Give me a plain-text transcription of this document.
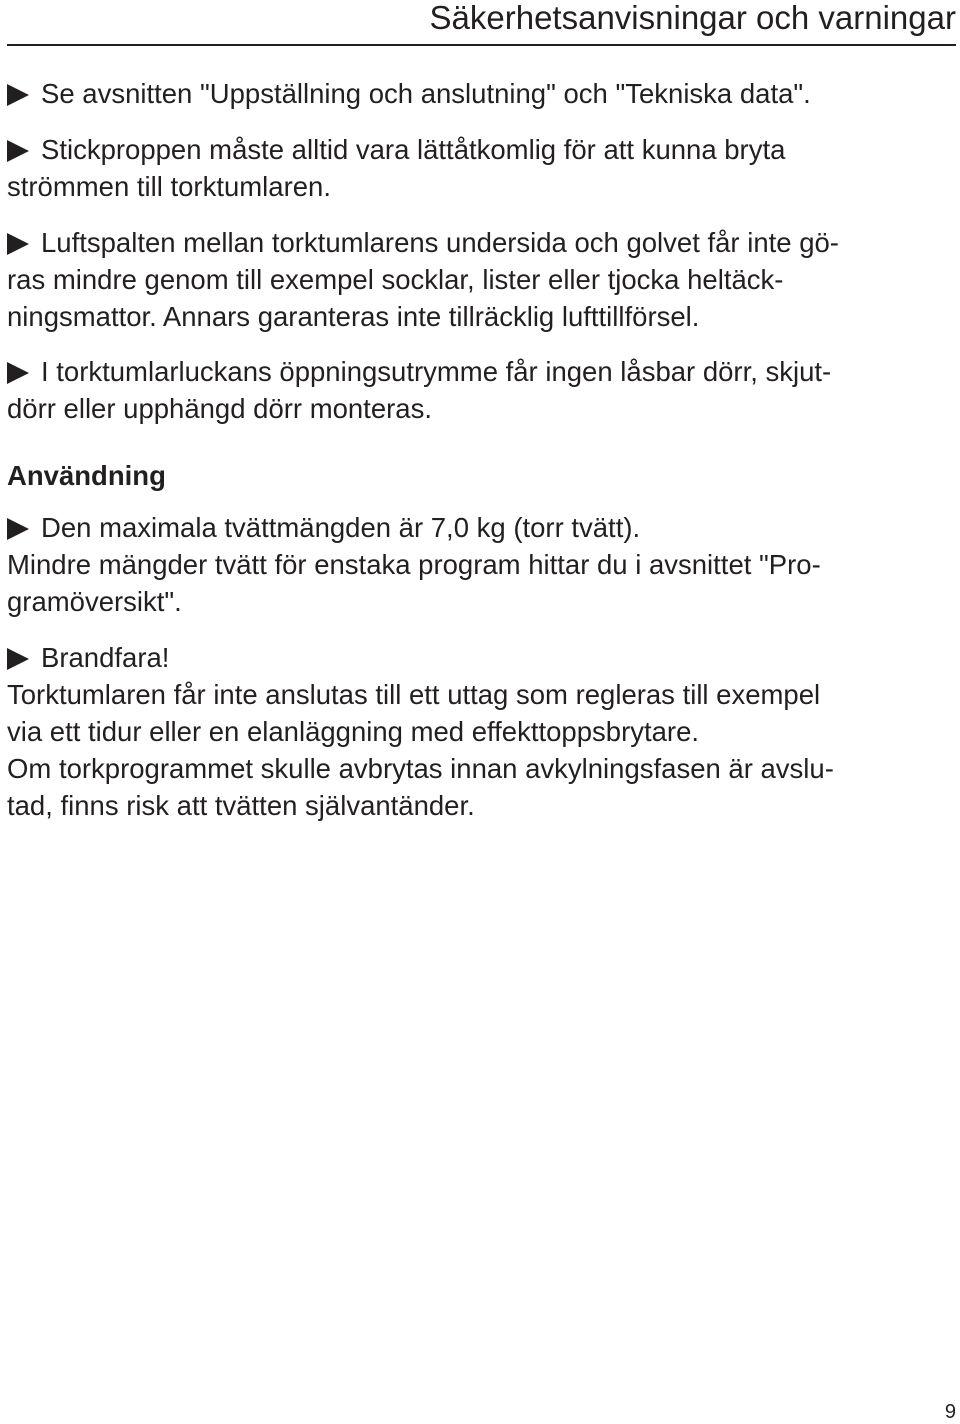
Säkerhetsanvisningar och varningar
Se avsnitten "Uppställning och anslutning" och "Tekniska data".
Stickproppen måste alltid vara lättåtkomlig för att kunna bryta
strömmen till torktumlaren.
Luftspalten mellan torktumlarens undersida och golvet får inte gö-
ras mindre genom till exempel socklar, lister eller tjocka heltäck-
ningsmattor. Annars garanteras inte tillräcklig lufttillförsel.
I torktumlarluckans öppningsutrymme får ingen låsbar dörr, skjut-
dörr eller upphängd dörr monteras.
Användning
Den maximala tvättmängden är 7,0 kg (torr tvätt).
Mindre mängder tvätt för enstaka program hittar du i avsnittet "Pro-
gramöversikt".
Brandfara!
Torktumlaren får inte anslutas till ett uttag som regleras till exempel
via ett tidur eller en elanläggning med effekttoppsbrytare.
Om torkprogrammet skulle avbrytas innan avkylningsfasen är avslu-
tad, finns risk att tvätten självantänder.
9
